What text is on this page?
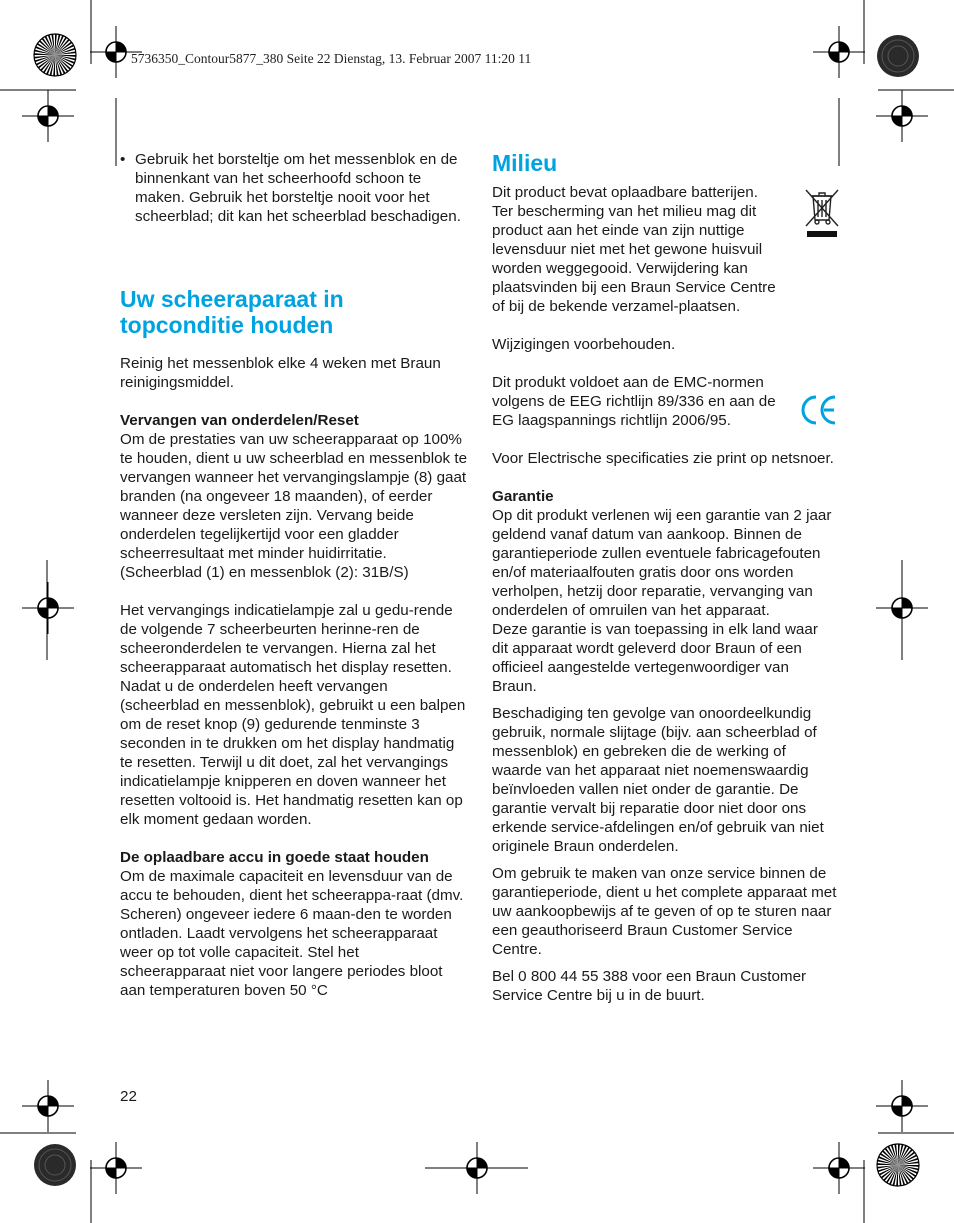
5736350_Contour5877_380 Seite 22 Dienstag, 13. Februar 2007 11:20 11
• Gebruik het borsteltje om het messenblok en de binnenkant van het scheerhoofd schoon te maken. Gebruik het borsteltje nooit voor het scheerblad; dit kan het scheerblad beschadigen.

Uw scheeraparaat in
topconditie houden

Reinig het messenblok elke 4 weken met Braun reinigingsmiddel.

Vervangen van onderdelen/Reset

Om de prestaties van uw scheerapparaat op 100% te houden, dient u uw scheerblad en messenblok te vervangen wanneer het vervangingslampje (8) gaat branden (na ongeveer 18 maanden), of eerder wanneer deze versleten zijn. Vervang beide onderdelen tegelijkertijd voor een gladder scheerresultaat met minder huidirritatie.

(Scheerblad (1) en messenblok (2): 31B/S)

Het vervangings indicatielampje zal u gedu-rende de volgende 7 scheerbeurten herinne-ren de scheeronderdelen te vervangen. Hierna zal het scheerapparaat automatisch het display resetten.

Nadat u de onderdelen heeft vervangen (scheerblad en messenblok), gebruikt u een balpen om de reset knop (9) gedurende tenminste 3 seconden in te drukken om het display handmatig te resetten. Terwijl u dit doet, zal het vervangings indicatielampje knipperen en doven wanneer het resetten voltooid is. Het handmatig resetten kan op elk moment gedaan worden.

De oplaadbare accu in goede staat houden

Om de maximale capaciteit en levensduur van de accu te behouden, dient het scheerappa-raat (dmv. Scheren) ongeveer iedere 6 maan-den te worden ontladen. Laadt vervolgens het scheerapparaat weer op tot volle capaciteit. Stel het scheerapparaat niet voor langere periodes bloot aan temperaturen boven 50 °C

Milieu

Dit product bevat oplaadbare batterijen. Ter bescherming van het milieu mag dit product aan het einde van zijn nuttige levensduur niet met het gewone huisvuil worden weggegooid. Verwijdering kan plaatsvinden bij een Braun Service Centre of bij de bekende verzamel-plaatsen.

Wijzigingen voorbehouden.

Dit produkt voldoet aan de EMC-normen volgens de EEG richtlijn 89/336 en aan de EG laagspannings richtlijn 2006/95.

Voor Electrische specificaties zie print op netsnoer.

Garantie

Op dit produkt verlenen wij een garantie van 2 jaar geldend vanaf datum van aankoop. Binnen de garantieperiode zullen eventuele fabricagefouten en/of materiaalfouten gratis door ons worden verholpen, hetzij door reparatie, vervanging van onderdelen of omruilen van het apparaat.

Deze garantie is van toepassing in elk land waar dit apparaat wordt geleverd door Braun of een officieel aangestelde vertegenwoordiger van Braun.

Beschadiging ten gevolge van onoordeelkundig gebruik, normale slijtage (bijv. aan scheerblad of messenblok) en gebreken die de werking of waarde van het apparaat niet noemenswaardig beïnvloeden vallen niet onder de garantie. De garantie vervalt bij reparatie door niet door ons erkende service-afdelingen en/of gebruik van niet originele Braun onderdelen.

Om gebruik te maken van onze service binnen de garantieperiode, dient u het complete apparaat met uw aankoopbewijs af te geven of op te sturen naar een geauthoriseerd Braun Customer Service Centre.

Bel 0 800 44 55 388 voor een Braun Customer Service Centre bij u in de buurt.

22
